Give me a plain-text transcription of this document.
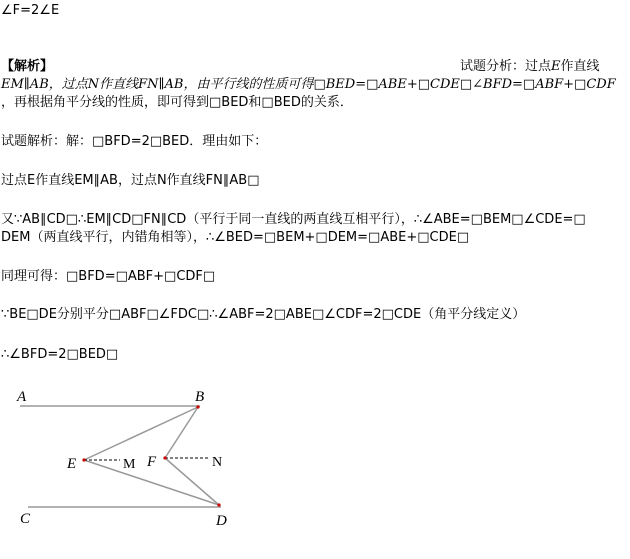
∠F=2∠E
【解析】	试题分析：过点E作直线
EM∥AB，过点N作直线FN∥AB，由平行线的性质可得□BED=□ABE+□CDE□∠BFD=□ABF+□CDF
，再根据角平分线的性质，即可得到□BED和□BED的关系．
试题解析：解：□BFD=2□BED．理由如下：
过点E作直线EM∥AB，过点N作直线FN∥AB□
又∵AB∥CD□∴EM∥CD□FN∥CD（平行于同一直线的两直线互相平行），∴∠ABE=□BEM□∠CDE=□
DEM（两直线平行，内错角相等），∴∠BED=□BEM+□DEM=□ABE+□CDE□
同理可得：□BFD=□ABF+□CDF□
∵BE□DE分别平分□ABF□∠FDC□∴∠ABF=2□ABE□∠CDF=2□CDE（角平分线定义）
∴∠BFD=2□BED□
A	B
C	D
E	F
M	N
